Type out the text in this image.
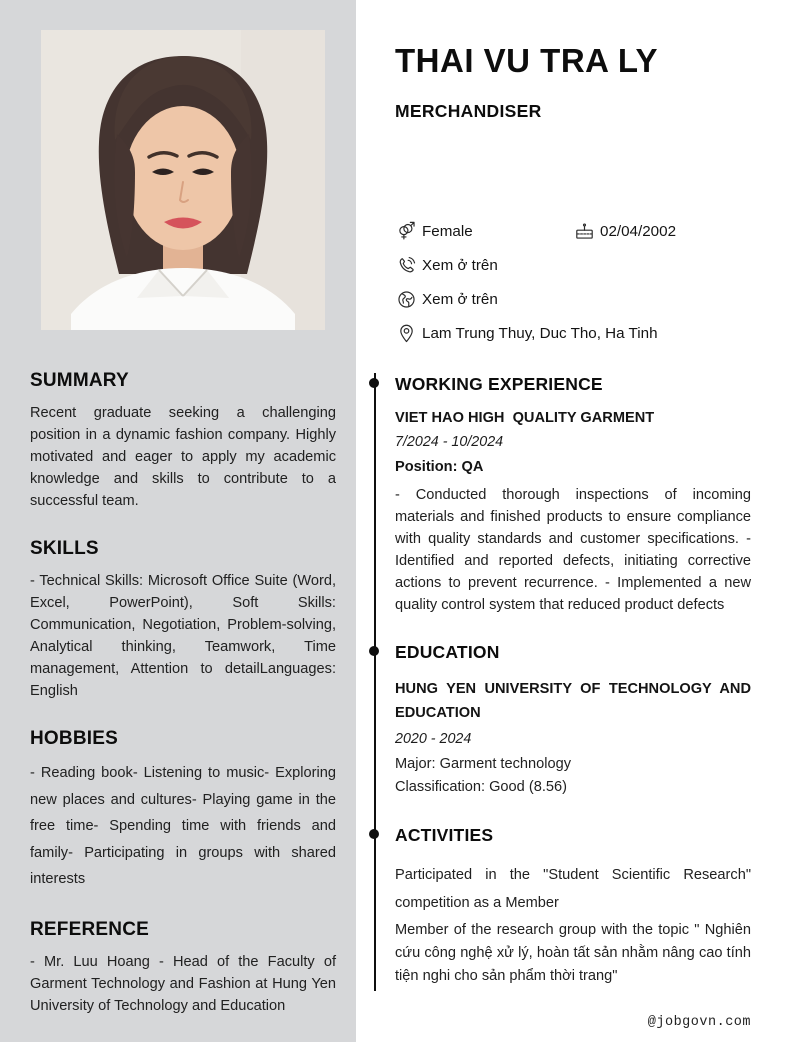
SUMMARY

Recent graduate seeking a challenging position in a dynamic fashion company. Highly motivated and eager to apply my academic knowledge and skills to contribute to a successful team.

SKILLS

- Technical Skills: Microsoft Office Suite (Word, Excel, PowerPoint), Soft Skills: Communication, Negotiation, Problem-solving, Analytical thinking, Teamwork, Time management, Attention to detailLanguages: English

HOBBIES

- Reading book- Listening to music- Exploring new places and cultures- Playing game in the free time- Spending time with friends and family- Participating in groups with shared interests

REFERENCE

- Mr. Luu Hoang - Head of the Faculty of Garment Technology and Fashion at Hung Yen University of Technology and Education

THAI VU TRA LY
MERCHANDISER
Female	02/04/2002
Xem ở trên
Xem ở trên
Lam Trung Thuy, Duc Tho, Ha Tinh
WORKING EXPERIENCE
VIET HAO HIGH  QUALITY GARMENT
7/2024 - 10/2024
Position: QA

- Conducted thorough inspections of incoming materials and finished products to ensure compliance with quality standards and customer specifications. - Identified and reported defects, initiating corrective actions to prevent recurrence. - Implemented a new quality control system that reduced product defects

EDUCATION
HUNG YEN UNIVERSITY OF TECHNOLOGY AND EDUCATION
2020 - 2024
Major: Garment technology
Classification: Good (8.56)
ACTIVITIES

Participated in the "Student Scientific Research" competition as a Member

Member of the research group with the topic " Nghiên cứu công nghệ xử lý, hoàn tất sản nhằm nâng cao tính tiện nghi cho sản phẩm thời trang"

@jobgovn.com
